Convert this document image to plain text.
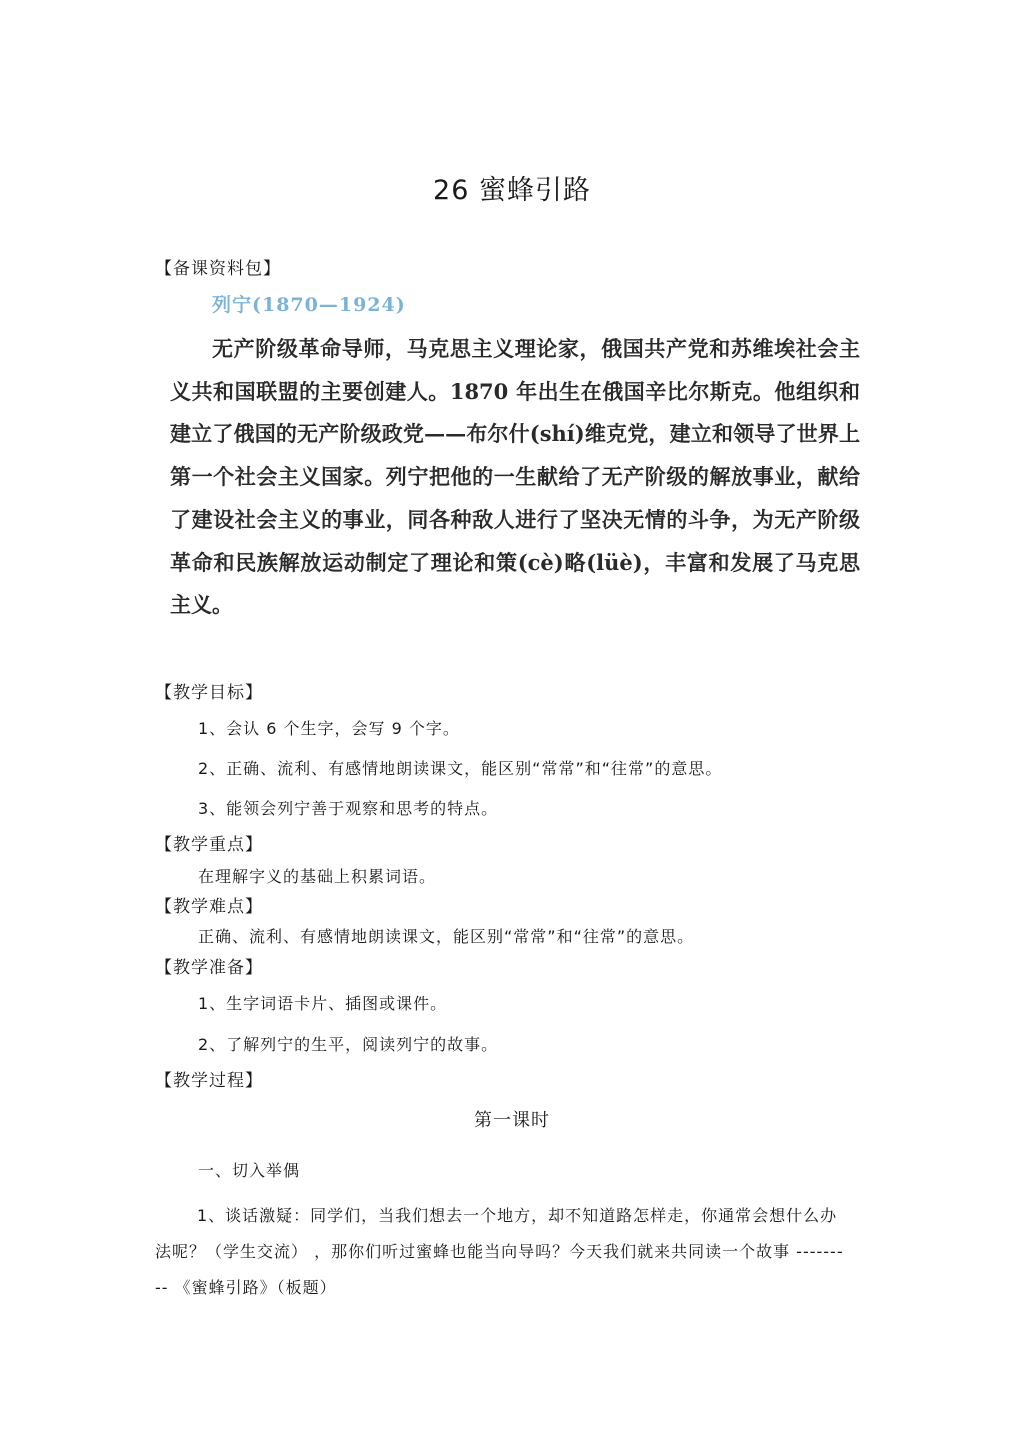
26 蜜蜂引路
【备课资料包】
列宁(1870—1924)

无产阶级革命导师，马克思主义理论家，俄国共产党和苏维埃社会主义共和国联盟的主要创建人。1870 年出生在俄国辛比尔斯克。他组织和建立了俄国的无产阶级政党——布尔什(shí)维克党，建立和领导了世界上第一个社会主义国家。列宁把他的一生献给了无产阶级的解放事业，献给了建设社会主义的事业，同各种敌人进行了坚决无情的斗争，为无产阶级革命和民族解放运动制定了理论和策(cè)略(lüè)，丰富和发展了马克思主义。

【教学目标】
1、会认 6 个生字，会写 9 个字。
2、正确、流利、有感情地朗读课文，能区别“常常”和“往常”的意思。
3、能领会列宁善于观察和思考的特点。
【教学重点】
在理解字义的基础上积累词语。
【教学难点】
正确、流利、有感情地朗读课文，能区别“常常”和“往常”的意思。
【教学准备】
1、生字词语卡片、插图或课件。
2、了解列宁的生平，阅读列宁的故事。
【教学过程】
第一课时
一、切入举偶

1、谈话激疑：同学们，当我们想去一个地方，却不知道路怎样走，你通常会想什么办法呢？（学生交流） ，那你们听过蜜蜂也能当向导吗？今天我们就来共同读一个故事 --------- 《蜜蜂引路》（板题）
